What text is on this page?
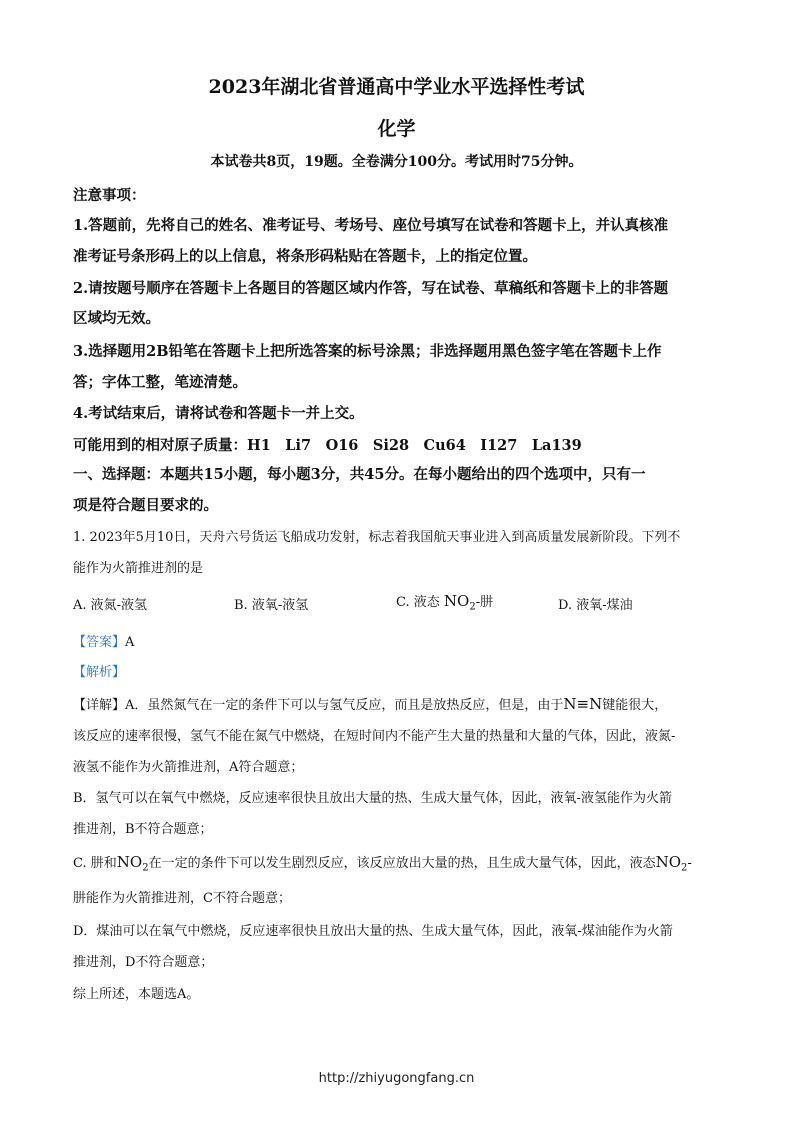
2023年湖北省普通高中学业水平选择性考试
化学
本试卷共8页，19题。全卷满分100分。考试用时75分钟。
注意事项：
1.答题前，先将自己的姓名、准考证号、考场号、座位号填写在试卷和答题卡上，并认真核准
准考证号条形码上的以上信息，将条形码粘贴在答题卡，上的指定位置。
2.请按题号顺序在答题卡上各题目的答题区域内作答，写在试卷、草稿纸和答题卡上的非答题
区域均无效。
3.选择题用2B铅笔在答题卡上把所选答案的标号涂黑；非选择题用黑色签字笔在答题卡上作
答；字体工整，笔迹清楚。
4.考试结束后，请将试卷和答题卡一并上交。
可能用到的相对原子质量：H1　Li7　O16　Si28　Cu64　I127　La139
一、选择题：本题共15小题，每小题3分，共45分。在每小题给出的四个选项中，只有一
项是符合题目要求的。
1. 2023年5月10日，天舟六号货运飞船成功发射，标志着我国航天事业进入到高质量发展新阶段。下列不
能作为火箭推进剂的是
A. 液氮-液氢	B. 液氧-液氢	C. 液态 $NO_2-$肼	D. 液氧-煤油
【答案】A
【解析】
【详解】A．虽然氮气在一定的条件下可以与氢气反应，而且是放热反应，但是，由于N≡N键能很大，
该反应的速率很慢，氢气不能在氮气中燃烧，在短时间内不能产生大量的热量和大量的气体，因此，液氮-
液氢不能作为火箭推进剂，A符合题意；
B．氢气可以在氧气中燃烧，反应速率很快且放出大量的热、生成大量气体，因此，液氧-液氢能作为火箭
推进剂，B不符合题意；
C. 肼和$NO_2$在一定的条件下可以发生剧烈反应，该反应放出大量的热，且生成大量气体，因此，液态$NO_2-$
肼能作为火箭推进剂，C不符合题意；
D．煤油可以在氧气中燃烧，反应速率很快且放出大量的热、生成大量气体，因此，液氧-煤油能作为火箭
推进剂，D不符合题意；
综上所述，本题选A。
http://zhiyugongfang.cn
